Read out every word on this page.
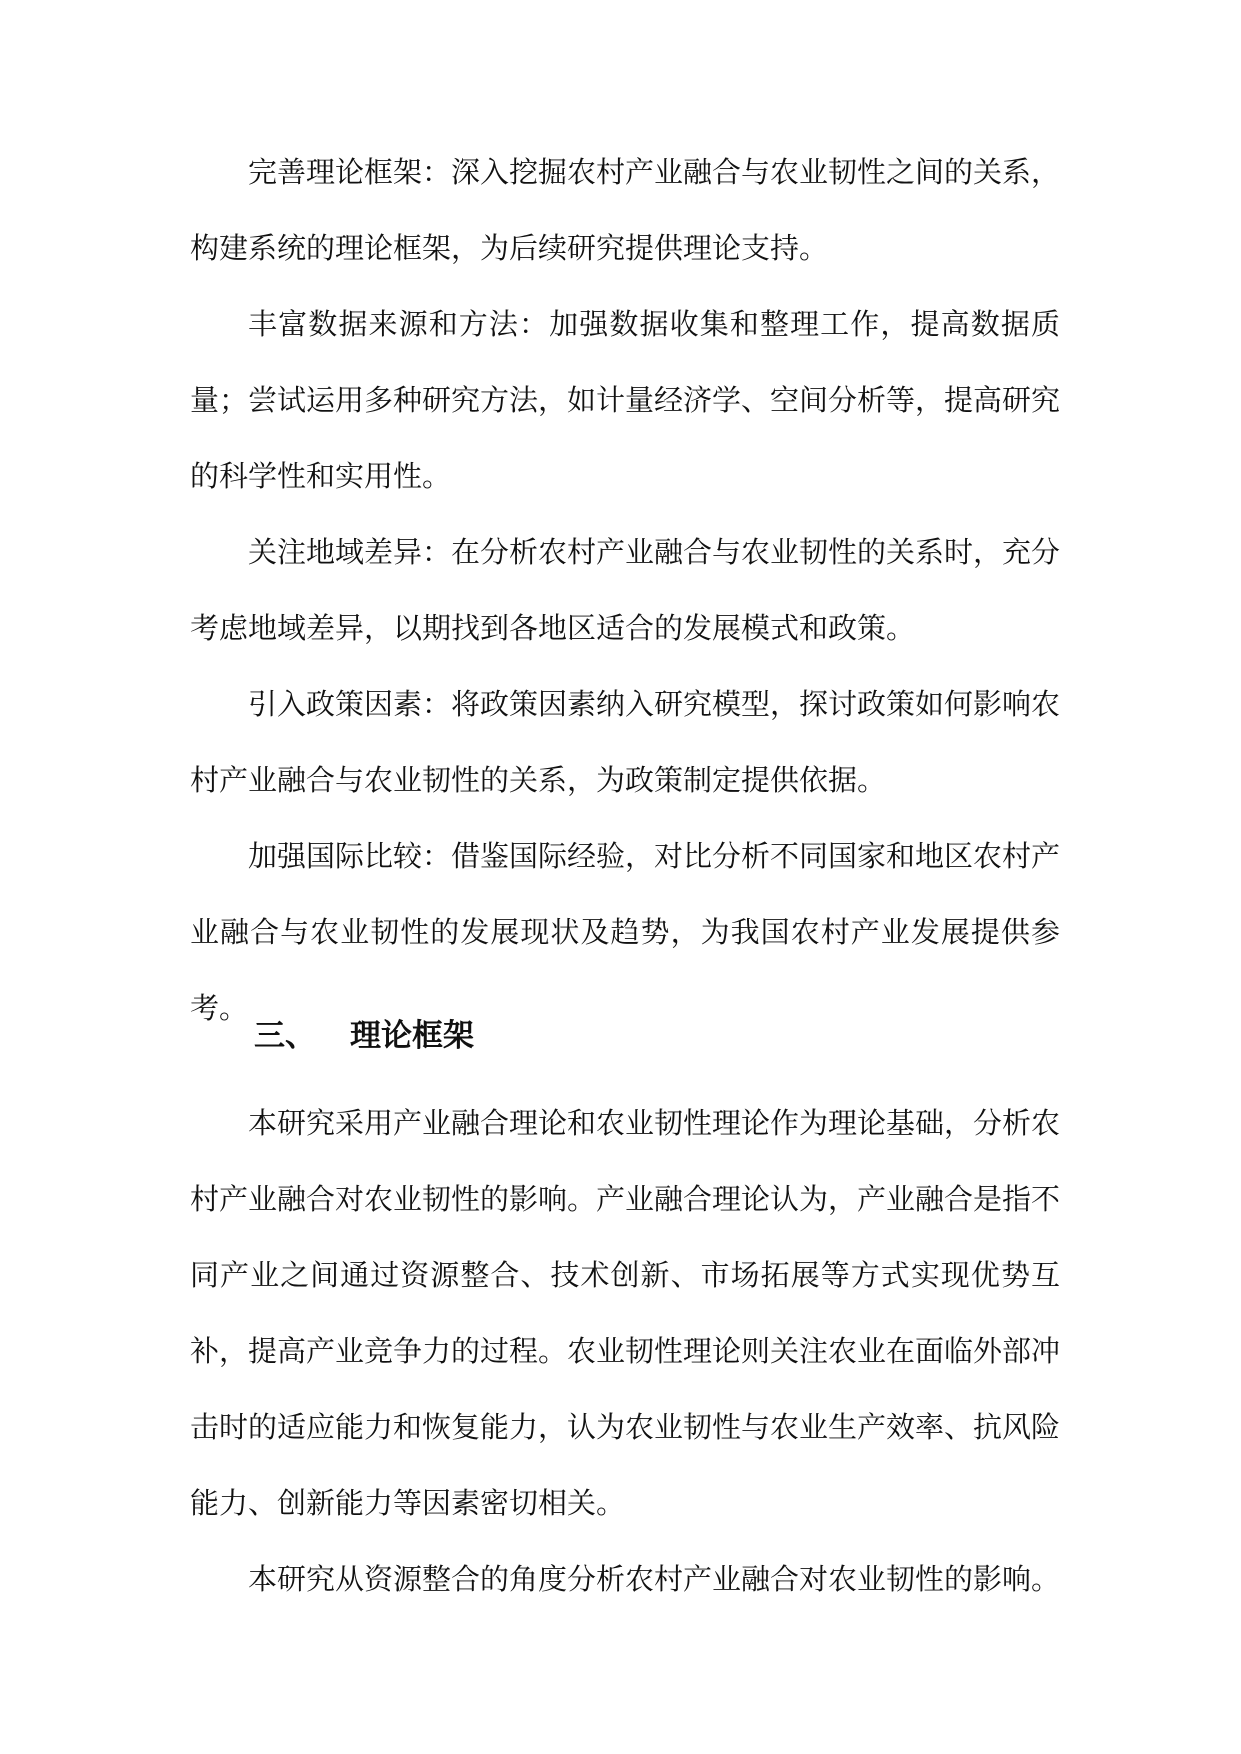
完善理论框架：深入挖掘农村产业融合与农业韧性之间的关系，构建系统的理论框架，为后续研究提供理论支持。

丰富数据来源和方法：加强数据收集和整理工作，提高数据质量；尝试运用多种研究方法，如计量经济学、空间分析等，提高研究的科学性和实用性。

关注地域差异：在分析农村产业融合与农业韧性的关系时，充分考虑地域差异，以期找到各地区适合的发展模式和政策。

引入政策因素：将政策因素纳入研究模型，探讨政策如何影响农村产业融合与农业韧性的关系，为政策制定提供依据。

加强国际比较：借鉴国际经验，对比分析不同国家和地区农村产业融合与农业韧性的发展现状及趋势，为我国农村产业发展提供参考。

三、 理论框架

本研究采用产业融合理论和农业韧性理论作为理论基础，分析农村产业融合对农业韧性的影响。产业融合理论认为，产业融合是指不同产业之间通过资源整合、技术创新、市场拓展等方式实现优势互补，提高产业竞争力的过程。农业韧性理论则关注农业在面临外部冲击时的适应能力和恢复能力，认为农业韧性与农业生产效率、抗风险能力、创新能力等因素密切相关。

本研究从资源整合的角度分析农村产业融合对农业韧性的影响。
